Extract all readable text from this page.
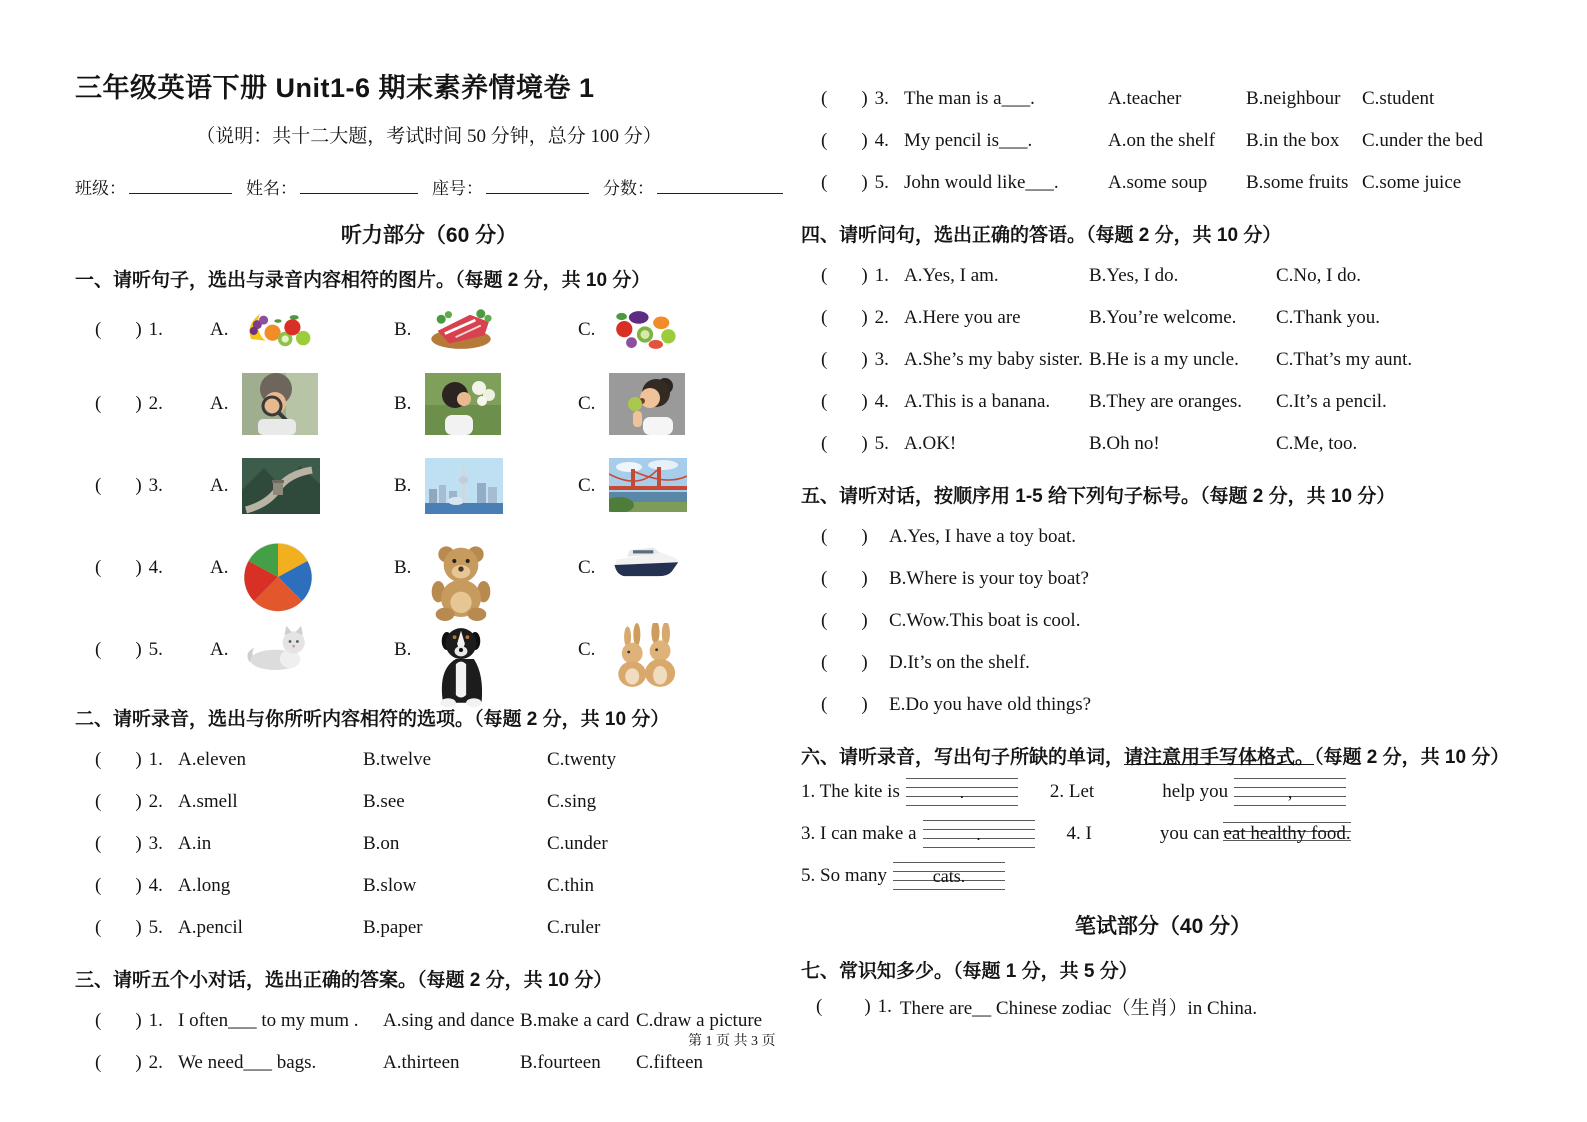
三年级英语下册 Unit1-6 期末素养情境卷 1
（说明：共十二大题，考试时间 50 分钟，总分 100 分）
班级：	姓名：	座号：	分数：
听力部分（60 分）
一、请听句子，选出与录音内容相符的图片。（每题 2 分，共 10 分）
( ) 1.	A.	B.	C.
( ) 2.	A.	B.	C.
( ) 3.	A.	B.	C.
( ) 4.	A.	B.	C.
( ) 5.	A.	B.	C.
二、请听录音，选出与你所听内容相符的选项。（每题 2 分，共 10 分）
( ) 1. A.eleven	B.twelve	C.twenty
( ) 2. A.smell	B.see	C.sing
( ) 3. A.in	B.on	C.under
( ) 4. A.long	B.slow	C.thin
( ) 5. A.pencil	B.paper	C.ruler
三、请听五个小对话，选出正确的答案。（每题 2 分，共 10 分）
( ) 1. I often___ to my mum .	A.sing and dance B.make a card C.draw a picture
( ) 2. We need___ bags.	A.thirteen	B.fourteen	C.fifteen
( ) 3. The man is a___.	A.teacher	B.neighbour	C.student
( ) 4. My pencil is___.	A.on the shelf	B.in the box	C.under the bed
( ) 5. John would like___.	A.some soup	B.some fruits C.some juice
四、请听问句，选出正确的答语。（每题 2 分，共 10 分）
( ) 1. A.Yes, I am.	B.Yes, I do.	C.No, I do.
( ) 2. A.Here you are	B.You’re welcome.	C.Thank you.
( ) 3. A.She’s my baby sister. B.He is a my uncle.	C.That’s my aunt.
( ) 4. A.This is a banana.	B.They are oranges.	C.It’s a pencil.
( ) 5. A.OK!	B.Oh no!	C.Me, too.
五、请听对话，按顺序用 1-5 给下列句子标号。（每题 2 分，共 10 分）
( )	A.Yes, I have a toy boat.
( )	B.Where is your toy boat?
( )	C.Wow.This boat is cool.
( )	D.It’s on the shelf.
( )	E.Do you have old things?
六、请听录音，写出句子所缺的单词，请注意用手写体格式。（每题 2 分，共 10 分）
1. The kite is	.	2. Let	help you	,
3. I can make a	.	4. I	you can eat healthy food.
5. So many	cats.
笔试部分（40 分）
七、常识知多少。（每题 1 分，共 5 分）
( ) 1. There are__ Chinese zodiac（生肖）in China.
第 1 页 共 3 页
